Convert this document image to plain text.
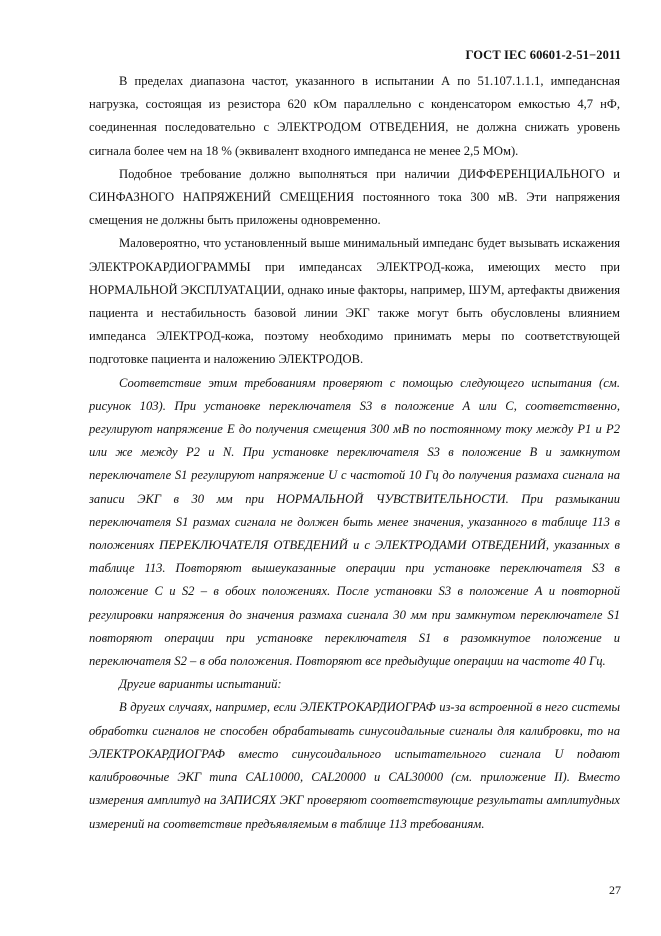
ГОСТ IEC 60601-2-51−2011

В пределах диапазона частот, указанного в испытании А по 51.107.1.1.1, импедансная нагрузка, состоящая из резистора 620 кОм параллельно с конденсатором емкостью 4,7 нФ, соединенная последовательно с ЭЛЕКТРОДОМ ОТВЕДЕНИЯ, не должна снижать уровень сигнала более чем на 18 % (эквивалент входного импеданса не менее 2,5 МОм).

Подобное требование должно выполняться при наличии ДИФФЕРЕНЦИАЛЬНОГО и СИНФАЗНОГО НАПРЯЖЕНИЙ СМЕЩЕНИЯ постоянного тока 300 мВ. Эти напряжения смещения не должны быть приложены одновременно.

Маловероятно, что установленный выше минимальный импеданс будет вызывать искажения ЭЛЕКТРОКАРДИОГРАММЫ при импедансах ЭЛЕКТРОД-кожа, имеющих место при НОРМАЛЬНОЙ ЭКСПЛУАТАЦИИ, однако иные факторы, например, ШУМ, артефакты движения пациента и нестабильность базовой линии ЭКГ также могут быть обусловлены влиянием импеданса ЭЛЕКТРОД-кожа, поэтому необходимо принимать меры по соответствующей подготовке пациента и наложению ЭЛЕКТРОДОВ.

Соответствие этим требованиям проверяют с помощью следующего испытания (см. рисунок 103). При установке переключателя S3 в положение А или С, соответственно, регулируют напряжение Е до получения смещения 300 мВ по постоянному току между Р1 и Р2 или же между Р2 и N. При установке переключателя S3 в положение В и замкнутом переключателе S1 регулируют напряжение U с частотой 10 Гц до получения размаха сигнала на записи ЭКГ в 30 мм при НОРМАЛЬНОЙ ЧУВСТВИТЕЛЬНОСТИ. При размыкании переключателя S1 размах сигнала не должен быть менее значения, указанного в таблице 113 в положениях ПЕРЕКЛЮЧАТЕЛЯ ОТВЕДЕНИЙ и с ЭЛЕКТРОДАМИ ОТВЕДЕНИЙ, указанных в таблице 113. Повторяют вышеуказанные операции при установке переключателя S3 в положение С и S2 – в обоих положениях. После установки S3 в положение А и повторной регулировки напряжения до значения размаха сигнала 30 мм при замкнутом переключателе S1 повторяют операции при установке переключателя S1 в разомкнутое положение и переключателя S2 – в оба положения. Повторяют все предыдущие операции на частоте 40 Гц.

Другие варианты испытаний:

В других случаях, например, если ЭЛЕКТРОКАРДИОГРАФ из-за встроенной в него системы обработки сигналов не способен обрабатывать синусоидальные сигналы для калибровки, то на ЭЛЕКТРОКАРДИОГРАФ вместо синусоидального испытательного сигнала U подают калибровочные ЭКГ типа CAL10000, CAL20000 и CAL30000 (см. приложение II). Вместо измерения амплитуд на ЗАПИСЯХ ЭКГ проверяют соответствующие результаты амплитудных измерений на соответствие предъявляемым в таблице 113 требованиям.

27
